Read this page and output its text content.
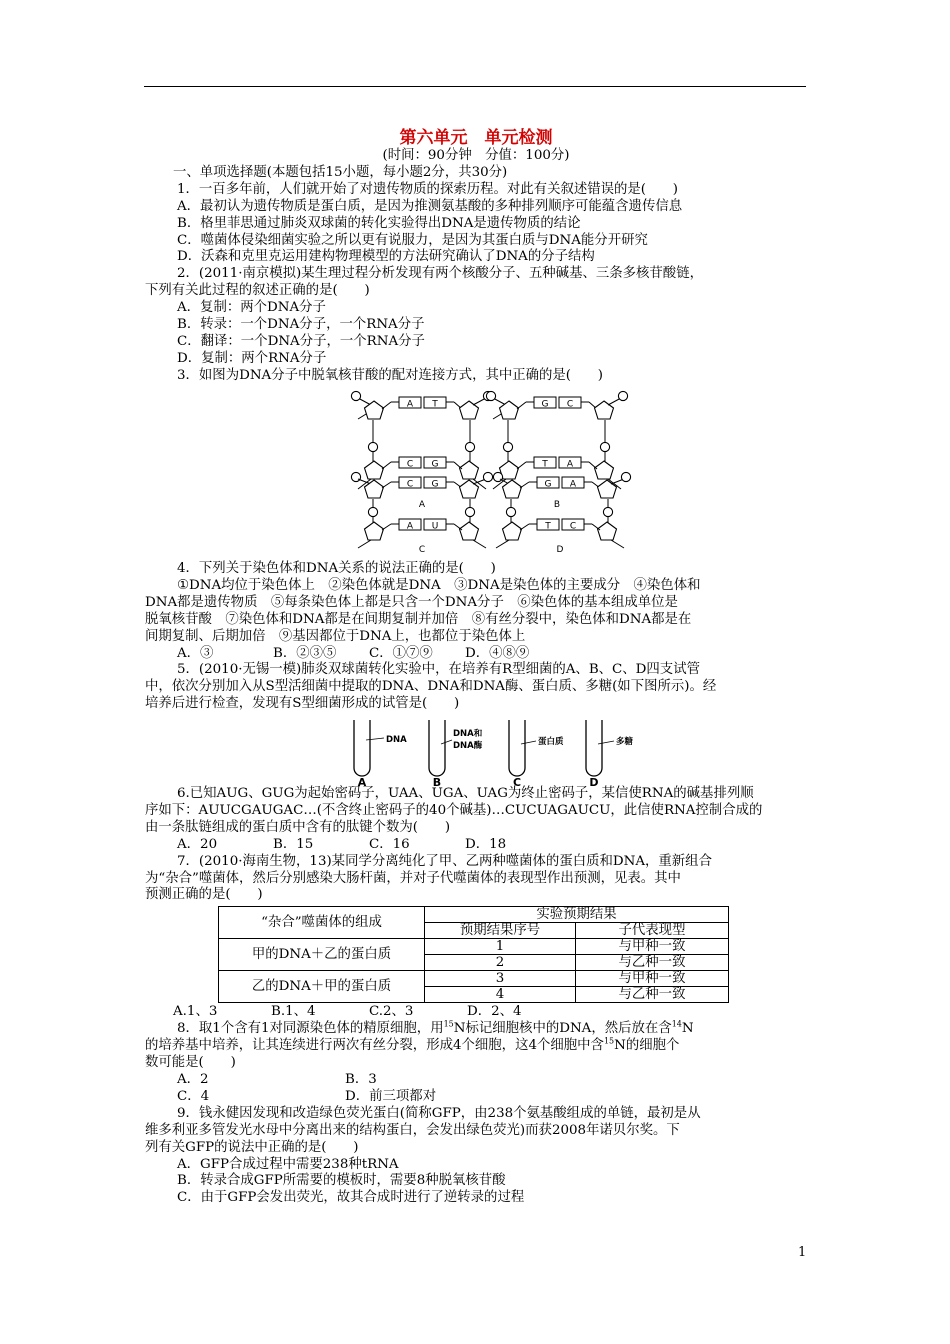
第六单元　单元检测
(时间：90分钟　分值：100分)
一、单项选择题(本题包括15小题，每小题2分，共30分)
1．一百多年前，人们就开始了对遗传物质的探索历程。对此有关叙述错误的是(　　)
A．最初认为遗传物质是蛋白质，是因为推测氨基酸的多种排列顺序可能蕴含遗传信息
B．格里菲思通过肺炎双球菌的转化实验得出DNA是遗传物质的结论
C．噬菌体侵染细菌实验之所以更有说服力，是因为其蛋白质与DNA能分开研究
D．沃森和克里克运用建构物理模型的方法研究确认了DNA的分子结构
2．(2011·南京模拟)某生理过程分析发现有两个核酸分子、五种碱基、三条多核苷酸链，
下列有关此过程的叙述正确的是(　　)
A．复制：两个DNA分子
B．转录：一个DNA分子，一个RNA分子
C．翻译：一个DNA分子，一个RNA分子
D．复制：两个RNA分子
3．如图为DNA分子中脱氧核苷酸的配对连接方式，其中正确的是(　　)
A T
C G
A
G C
T A
B
C G
A U
C
G A
T C
D
4．下列关于染色体和DNA关系的说法正确的是(　　)
①DNA均位于染色体上　②染色体就是DNA　③DNA是染色体的主要成分　④染色体和
DNA都是遗传物质　⑤每条染色体上都是只含一个DNA分子　⑥染色体的基本组成单位是
脱氧核苷酸　⑦染色体和DNA都是在间期复制并加倍　⑧有丝分裂中，染色体和DNA都是在
间期复制、后期加倍　⑨基因都位于DNA上，也都位于染色体上
A．③	B．②③⑤	C．①⑦⑨	D．④⑧⑨
5．(2010·无锡一模)肺炎双球菌转化实验中，在培养有R型细菌的A、B、C、D四支试管
中，依次分别加入从S型活细菌中提取的DNA、DNA和DNA酶、蛋白质、多糖(如下图所示)。经
培养后进行检查，发现有S型细菌形成的试管是(　　)
DNA
A
DNA和
DNA酶
B
蛋白质
C
多糖
D
6.已知AUG、GUG为起始密码子，UAA、UGA、UAG为终止密码子，某信使RNA的碱基排列顺
序如下：AUUCGAUGAC…(不含终止密码子的40个碱基)…CUCUAGAUCU，此信使RNA控制合成的
由一条肽链组成的蛋白质中含有的肽键个数为(　　)
A．20	B．15	C．16	D．18
7．(2010·海南生物，13)某同学分离纯化了甲、乙两种噬菌体的蛋白质和DNA，重新组合
为“杂合”噬菌体，然后分别感染大肠杆菌，并对子代噬菌体的表现型作出预测，见表。其中
预测正确的是(　　)
“杂合”噬菌体的组成	实验预期结果	
	预期结果序号	子代表现型
甲的DNA＋乙的蛋白质	1	与甲种一致
	2	与乙种一致
乙的DNA＋甲的蛋白质	3	与甲种一致
	4	与乙种一致
A.1、3	B.1、4	C.2、3	D．2、4
8．取1个含有1对同源染色体的精原细胞，用$^{15}$N标记细胞核中的DNA，然后放在含$^{14}$N
的培养基中培养，让其连续进行两次有丝分裂，形成4个细胞，这4个细胞中含$^{15}$N的细胞个
数可能是(　　)
A．2	B．3
C．4	D．前三项都对
9．钱永健因发现和改造绿色荧光蛋白(简称GFP，由238个氨基酸组成的单链，最初是从
维多利亚多管发光水母中分离出来的结构蛋白，会发出绿色荧光)而获2008年诺贝尔奖。下
列有关GFP的说法中正确的是(　　)
A．GFP合成过程中需要238种tRNA
B．转录合成GFP所需要的模板时，需要8种脱氧核苷酸
C．由于GFP会发出荧光，故其合成时进行了逆转录的过程
1
